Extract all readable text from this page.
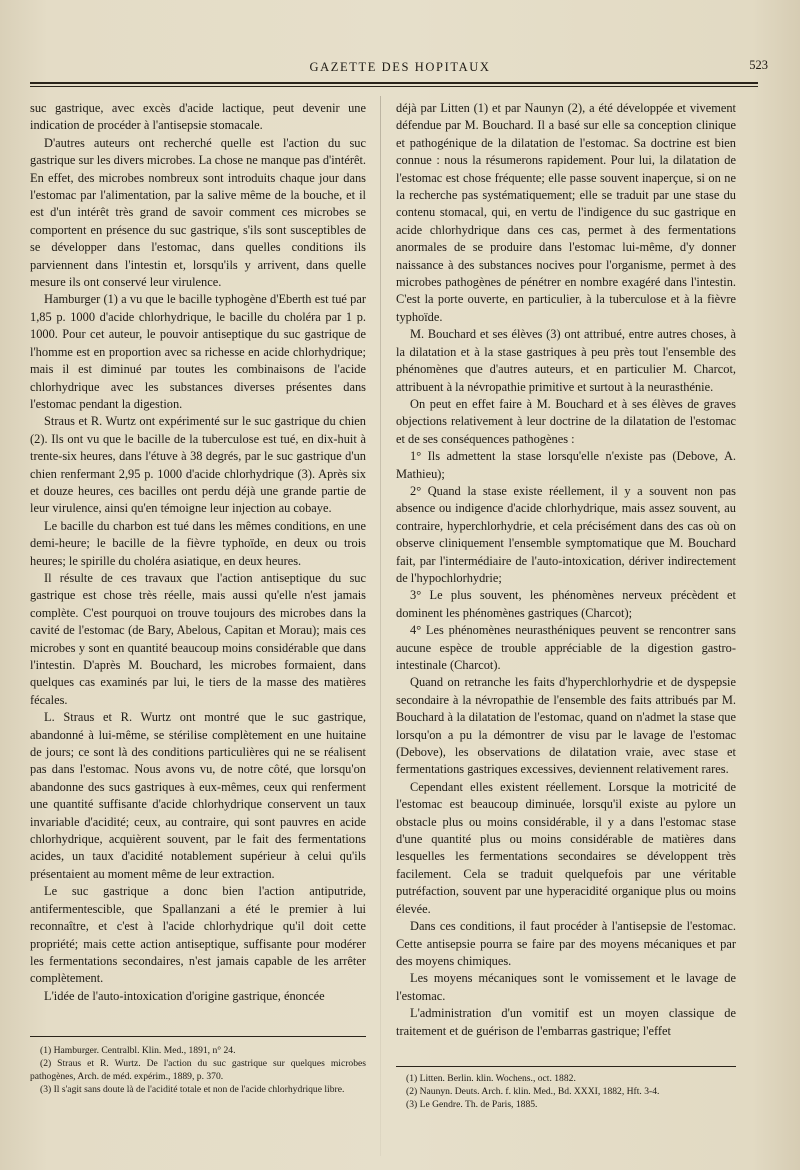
GAZETTE DES HOPITAUX	523

suc gastrique, avec excès d'acide lactique, peut devenir une indication de procéder à l'antisepsie stomacale.

D'autres auteurs ont recherché quelle est l'action du suc gastrique sur les divers microbes. La chose ne manque pas d'intérêt. En effet, des microbes nombreux sont introduits chaque jour dans l'estomac par l'alimentation, par la salive même de la bouche, et il est d'un intérêt très grand de savoir comment ces microbes se comportent en présence du suc gastrique, s'ils sont susceptibles de se développer dans l'estomac, dans quelles conditions ils parviennent dans l'intestin et, lorsqu'ils y arrivent, dans quelle mesure ils ont conservé leur virulence.

Hamburger (1) a vu que le bacille typhogène d'Eberth est tué par 1,85 p. 1000 d'acide chlorhydrique, le bacille du choléra par 1 p. 1000. Pour cet auteur, le pouvoir antiseptique du suc gastrique de l'homme est en proportion avec sa richesse en acide chlorhydrique; mais il est diminué par toutes les combinaisons de l'acide chlorhydrique avec les substances diverses présentes dans l'estomac pendant la digestion.

Straus et R. Wurtz ont expérimenté sur le suc gastrique du chien (2). Ils ont vu que le bacille de la tuberculose est tué, en dix-huit à trente-six heures, dans l'étuve à 38 degrés, par le suc gastrique d'un chien renfermant 2,95 p. 1000 d'acide chlorhydrique (3). Après six et douze heures, ces bacilles ont perdu déjà une grande partie de leur virulence, ainsi qu'en témoigne leur injection au cobaye.

Le bacille du charbon est tué dans les mêmes conditions, en une demi-heure; le bacille de la fièvre typhoïde, en deux ou trois heures; le spirille du choléra asiatique, en deux heures.

Il résulte de ces travaux que l'action antiseptique du suc gastrique est chose très réelle, mais aussi qu'elle n'est jamais complète. C'est pourquoi on trouve toujours des microbes dans la cavité de l'estomac (de Bary, Abelous, Capitan et Morau); mais ces microbes y sont en quantité beaucoup moins considérable que dans l'intestin. D'après M. Bouchard, les microbes formaient, dans quelques cas examinés par lui, le tiers de la masse des matières fécales.

L. Straus et R. Wurtz ont montré que le suc gastrique, abandonné à lui-même, se stérilise complètement en une huitaine de jours; ce sont là des conditions particulières qui ne se réalisent pas dans l'estomac. Nous avons vu, de notre côté, que lorsqu'on abandonne des sucs gastriques à eux-mêmes, ceux qui renferment une quantité suffisante d'acide chlorhydrique conservent un taux invariable d'acidité; ceux, au contraire, qui sont pauvres en acide chlorhydrique, acquièrent souvent, par le fait des fermentations acides, un taux d'acidité notablement supérieur à celui qu'ils présentaient au moment même de leur extraction.

Le suc gastrique a donc bien l'action antiputride, antifermentescible, que Spallanzani a été le premier à lui reconnaître, et c'est à l'acide chlorhydrique qu'il doit cette propriété; mais cette action antiseptique, suffisante pour modérer les fermentations secondaires, n'est jamais capable de les arrêter complètement.

L'idée de l'auto-intoxication d'origine gastrique, énoncée

(1) Hamburger. Centralbl. Klin. Med., 1891, n° 24.

(2) Straus et R. Wurtz. De l'action du suc gastrique sur quelques microbes pathogènes, Arch. de méd. expérim., 1889, p. 370.

(3) Il s'agit sans doute là de l'acidité totale et non de l'acide chlorhydrique libre.

déjà par Litten (1) et par Naunyn (2), a été développée et vivement défendue par M. Bouchard. Il a basé sur elle sa conception clinique et pathogénique de la dilatation de l'estomac. Sa doctrine est bien connue : nous la résumerons rapidement. Pour lui, la dilatation de l'estomac est chose fréquente; elle passe souvent inaperçue, si on ne la recherche pas systématiquement; elle se traduit par une stase du contenu stomacal, qui, en vertu de l'indigence du suc gastrique en acide chlorhydrique dans ces cas, permet à des fermentations anormales de se produire dans l'estomac lui-même, d'y donner naissance à des substances nocives pour l'organisme, permet à des microbes pathogènes de pénétrer en nombre exagéré dans l'intestin. C'est la porte ouverte, en particulier, à la tuberculose et à la fièvre typhoïde.

M. Bouchard et ses élèves (3) ont attribué, entre autres choses, à la dilatation et à la stase gastriques à peu près tout l'ensemble des phénomènes que d'autres auteurs, et en particulier M. Charcot, attribuent à la névropathie primitive et surtout à la neurasthénie.

On peut en effet faire à M. Bouchard et à ses élèves de graves objections relativement à leur doctrine de la dilatation de l'estomac et de ses conséquences pathogènes :

1° Ils admettent la stase lorsqu'elle n'existe pas (Debove, A. Mathieu);

2° Quand la stase existe réellement, il y a souvent non pas absence ou indigence d'acide chlorhydrique, mais assez souvent, au contraire, hyperchlorhydrie, et cela précisément dans des cas où on observe cliniquement l'ensemble symptomatique que M. Bouchard fait, par l'intermédiaire de l'auto-intoxication, dériver indirectement de l'hypochlorhydrie;

3° Le plus souvent, les phénomènes nerveux précèdent et dominent les phénomènes gastriques (Charcot);

4° Les phénomènes neurasthéniques peuvent se rencontrer sans aucune espèce de trouble appréciable de la digestion gastro-intestinale (Charcot).

Quand on retranche les faits d'hyperchlorhydrie et de dyspepsie secondaire à la névropathie de l'ensemble des faits attribués par M. Bouchard à la dilatation de l'estomac, quand on n'admet la stase que lorsqu'on a pu la démontrer de visu par le lavage de l'estomac (Debove), les observations de dilatation vraie, avec stase et fermentations gastriques excessives, deviennent relativement rares.

Cependant elles existent réellement. Lorsque la motricité de l'estomac est beaucoup diminuée, lorsqu'il existe au pylore un obstacle plus ou moins considérable, il y a dans l'estomac stase d'une quantité plus ou moins considérable de matières dans lesquelles les fermentations secondaires se développent très facilement. Cela se traduit quelquefois par une véritable putréfaction, souvent par une hyperacidité organique plus ou moins élevée.

Dans ces conditions, il faut procéder à l'antisepsie de l'estomac. Cette antisepsie pourra se faire par des moyens mécaniques et par des moyens chimiques.

Les moyens mécaniques sont le vomissement et le lavage de l'estomac.

L'administration d'un vomitif est un moyen classique de traitement et de guérison de l'embarras gastrique; l'effet

(1) Litten. Berlin. klin. Wochens., oct. 1882.

(2) Naunyn. Deuts. Arch. f. klin. Med., Bd. XXXI, 1882, Hft. 3-4.

(3) Le Gendre. Th. de Paris, 1885.
